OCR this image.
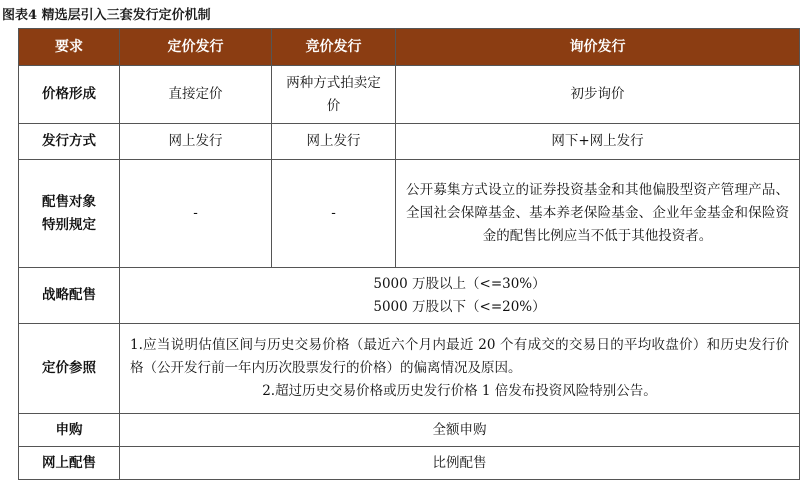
图表4 精选层引入三套发行定价机制
要求	定价发行	竞价发行	询价发行
价格形成	直接定价	两种方式拍卖定价	初步询价
发行方式	网上发行	网上发行	网下+网上发行
配售对象特别规定	-	-	公开募集方式设立的证券投资基金和其他偏股型资产管理产品、全国社会保障基金、基本养老保险基金、企业年金基金和保险资金的配售比例应当不低于其他投资者。
战略配售	5000 万股以上（<=30%）
5000 万股以下（<=20%）		

定价参照	1.应当说明估值区间与历史交易价格（最近六个月内最近 20 个有成交的交易日的平均收盘价）和历史发行价格（公开发行前一年内历次股票发行的价格）的偏离情况及原因。
2.超过历史交易价格或历史发行价格 1 倍发布投资风险特别公告。		

申购	全额申购		
网上配售	比例配售		
